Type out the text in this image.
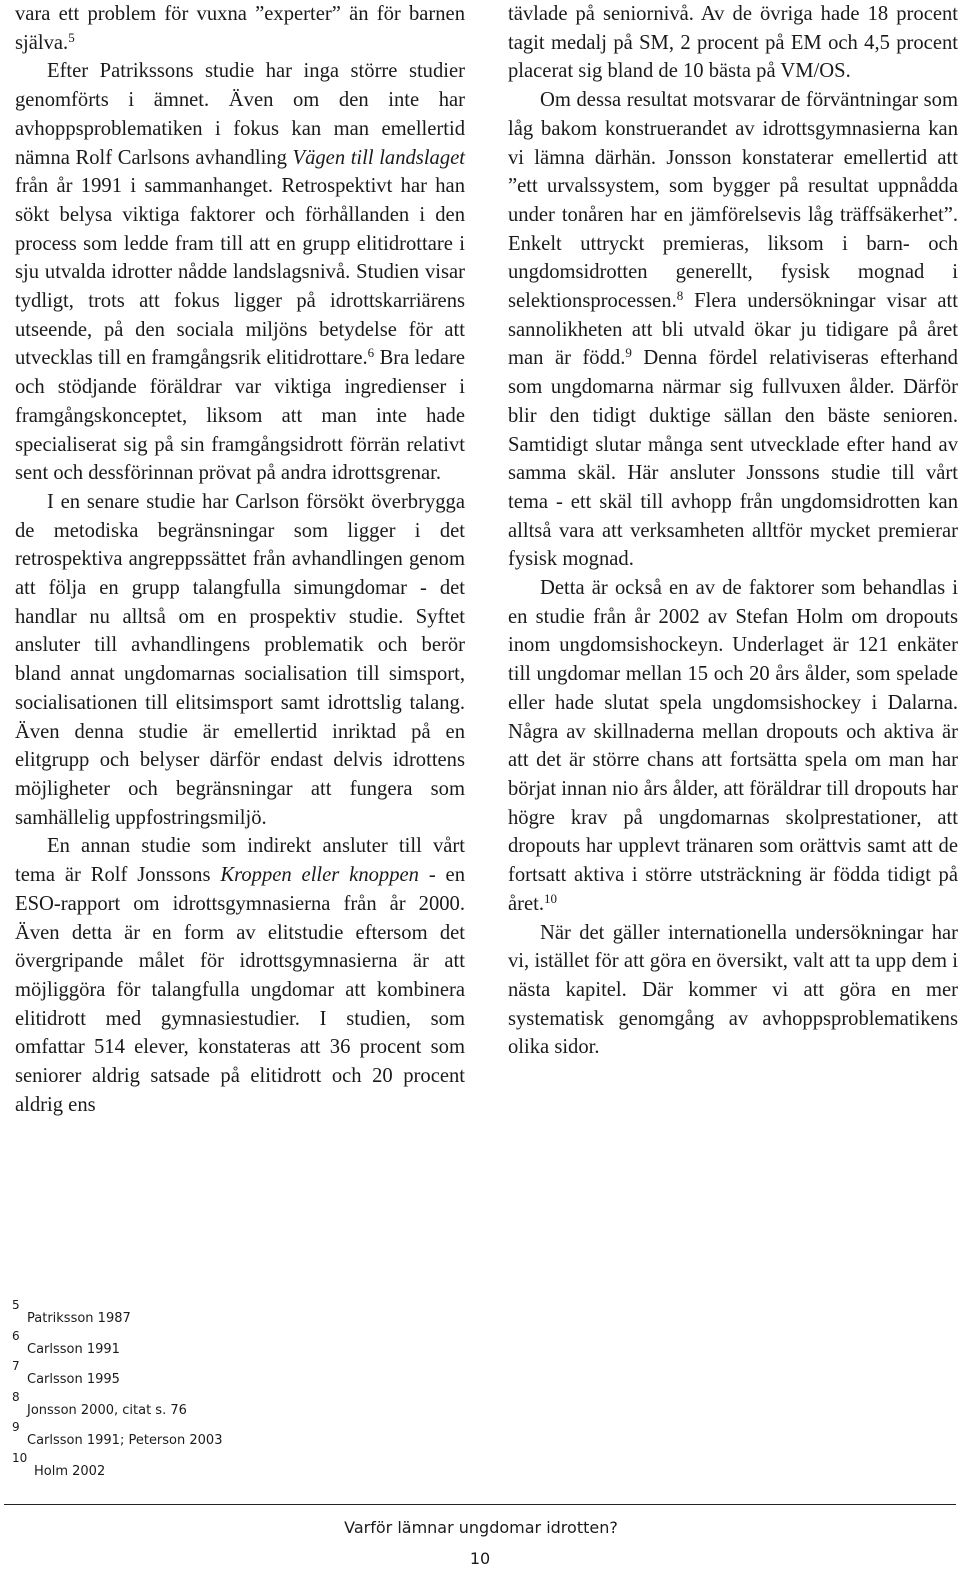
vara ett problem för vuxna ”experter” än för barnen själva.$^5$

Efter Patrikssons studie har inga större studier genomförts i ämnet. Även om den inte har avhoppsproblematiken i fokus kan man emellertid nämna Rolf Carlsons avhandling Vägen till landslaget från år 1991 i sammanhanget. Retrospektivt har han sökt belysa viktiga faktorer och förhållanden i den process som ledde fram till att en grupp elitidrottare i sju utvalda idrotter nådde landslagsnivå. Studien visar tydligt, trots att fokus ligger på idrottskarriärens utseende, på den sociala miljöns betydelse för att utvecklas till en framgångsrik elitidrottare.$^6$ Bra ledare och stödjande föräldrar var viktiga ingredienser i framgångskonceptet, liksom att man inte hade specialiserat sig på sin framgångsidrott förrän relativt sent och dessförinnan prövat på andra idrottsgrenar.

I en senare studie har Carlson försökt överbrygga de metodiska begränsningar som ligger i det retrospektiva angreppssättet från avhandlingen genom att följa en grupp talangfulla simungdomar - det handlar nu alltså om en prospektiv studie. Syftet ansluter till avhandlingens problematik och berör bland annat ungdomarnas socialisation till simsport, socialisationen till elitsimsport samt idrottslig talang. Även denna studie är emellertid inriktad på en elitgrupp och belyser därför endast delvis idrottens möjligheter och begränsningar att fungera som samhällelig uppfostringsmiljö.

En annan studie som indirekt ansluter till vårt tema är Rolf Jonssons Kroppen eller knoppen - en ESO-rapport om idrottsgymnasierna från år 2000. Även detta är en form av elitstudie eftersom det övergripande målet för idrottsgymnasierna är att möjliggöra för talangfulla ungdomar att kombinera elitidrott med gymnasiestudier. I studien, som omfattar 514 elever, konstateras att 36 procent som seniorer aldrig satsade på elitidrott och 20 procent aldrig ens

tävlade på seniornivå. Av de övriga hade 18 procent tagit medalj på SM, 2 procent på EM och 4,5 procent placerat sig bland de 10 bästa på VM/OS.

Om dessa resultat motsvarar de förväntningar som låg bakom konstruerandet av idrottsgymnasierna kan vi lämna därhän. Jonsson konstaterar emellertid att ”ett urvalssystem, som bygger på resultat uppnådda under tonåren har en jämförelsevis låg träffsäkerhet”. Enkelt uttryckt premieras, liksom i barn- och ungdomsidrotten generellt, fysisk mognad i selektionsprocessen.$^8$ Flera undersökningar visar att sannolikheten att bli utvald ökar ju tidigare på året man är född.$^9$ Denna fördel relativiseras efterhand som ungdomarna närmar sig fullvuxen ålder. Därför blir den tidigt duktige sällan den bäste senioren. Samtidigt slutar många sent utvecklade efter hand av samma skäl. Här ansluter Jonssons studie till vårt tema - ett skäl till avhopp från ungdomsidrotten kan alltså vara att verksamheten alltför mycket premierar fysisk mognad.

Detta är också en av de faktorer som behandlas i en studie från år 2002 av Stefan Holm om dropouts inom ungdomsishockeyn. Underlaget är 121 enkäter till ungdomar mellan 15 och 20 års ålder, som spelade eller hade slutat spela ungdomsishockey i Dalarna. Några av skillnaderna mellan dropouts och aktiva är att det är större chans att fortsätta spela om man har börjat innan nio års ålder, att föräldrar till dropouts har högre krav på ungdomarnas skolprestationer, att dropouts har upplevt tränaren som orättvis samt att de fortsatt aktiva i större utsträckning är födda tidigt på året.$^{10}$

När det gäller internationella undersökningar har vi, istället för att göra en översikt, valt att ta upp dem i nästa kapitel. Där kommer vi att göra en mer systematisk genomgång av avhoppsproblematikens olika sidor.

5
Patriksson 1987
6
Carlsson 1991
7
Carlsson 1995
8
Jonsson 2000, citat s. 76
9
Carlsson 1991; Peterson 2003
10
Holm 2002
Varför lämnar ungdomar idrotten?
10
